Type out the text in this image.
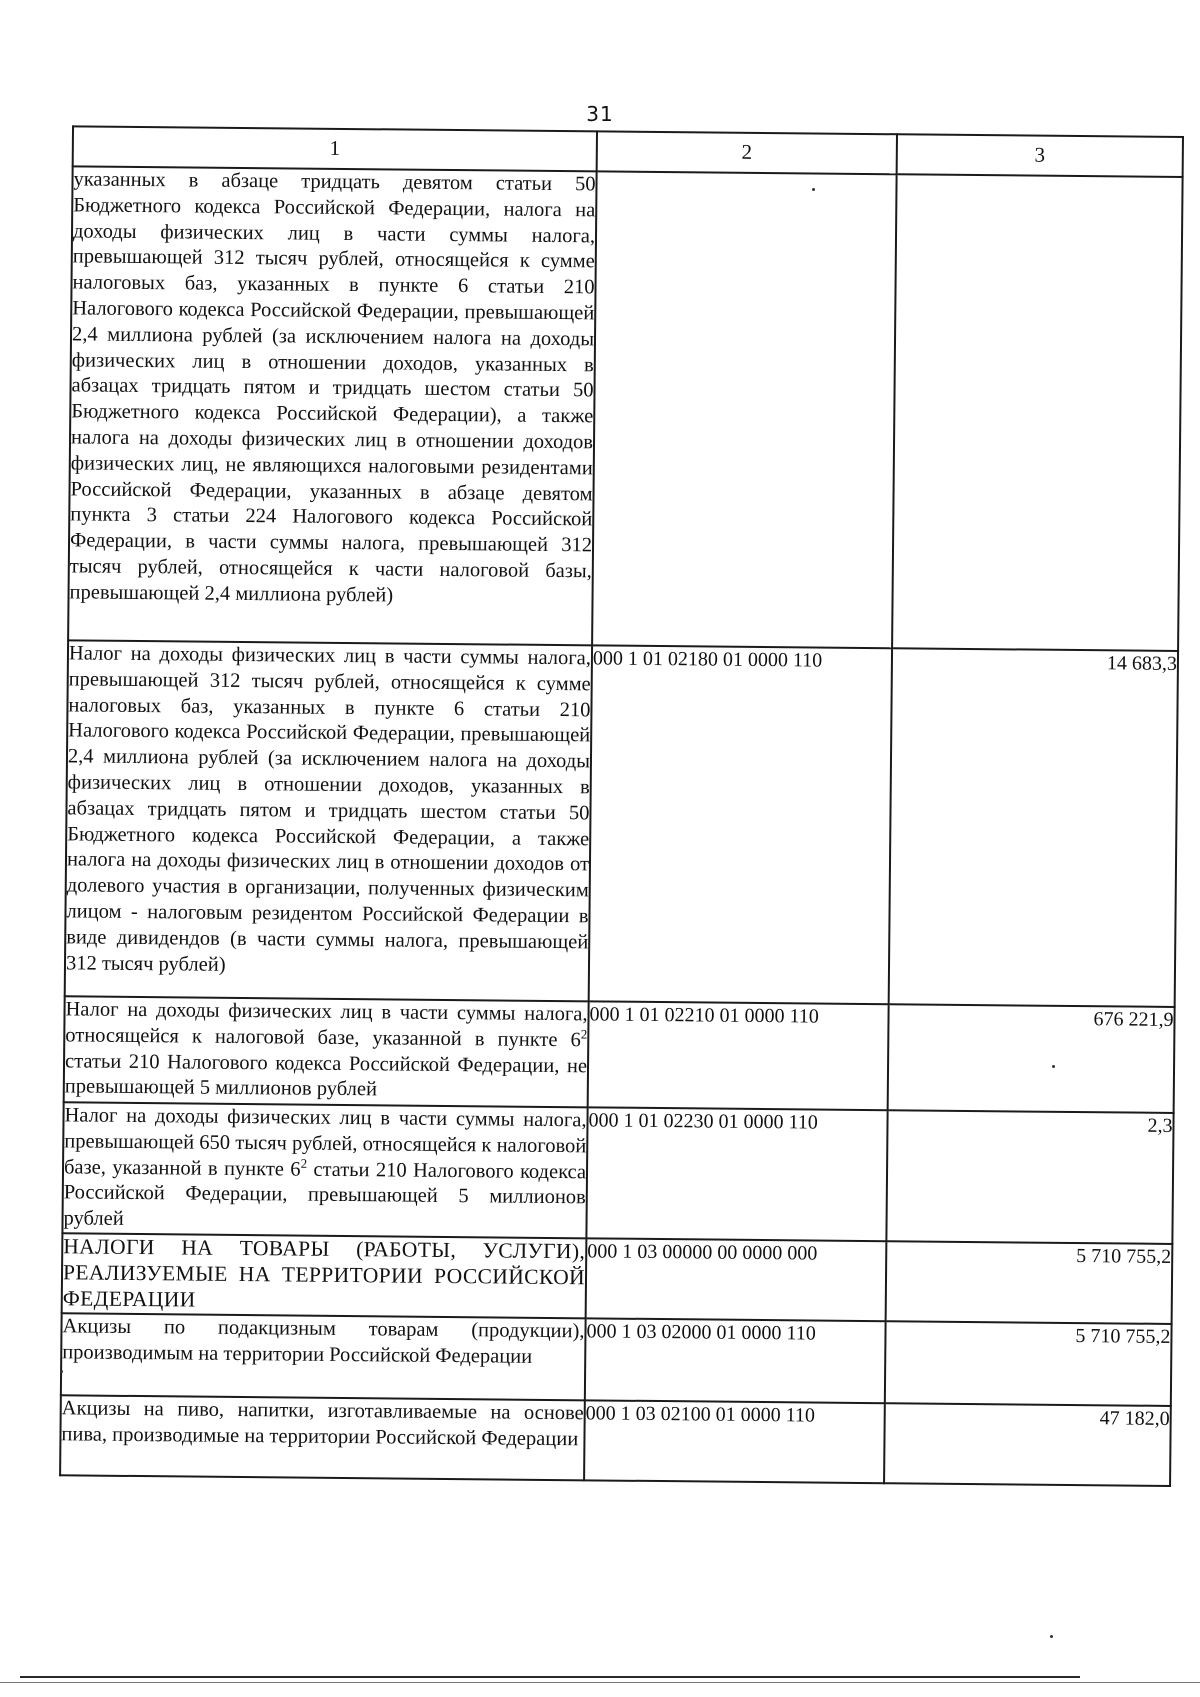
31
1	2	3
указанных в абзаце тридцать девятом статьи 50 Бюджетного кодекса Российской Федерации, налога на доходы физических лиц в части суммы налога, превышающей 312 тысяч рублей, относящейся к сумме налоговых баз, указанных в пункте 6 статьи 210 Налогового кодекса Российской Федерации, превышающей 2,4 миллиона рублей (за исключением налога на доходы физических лиц в отношении доходов, указанных в абзацах тридцать пятом и тридцать шестом статьи 50 Бюджетного кодекса Российской Федерации), а также налога на доходы физических лиц в отношении доходов физических лиц, не являющихся налоговыми резидентами Российской Федерации, указанных в абзаце девятом пункта 3 статьи 224 Налогового кодекса Российской Федерации, в части суммы налога, превышающей 312 тысяч рублей, относящейся к части налоговой базы, превышающей 2,4 миллиона рублей)		
Налог на доходы физических лиц в части суммы налога, превышающей 312 тысяч рублей, относящейся к сумме налоговых баз, указанных в пункте 6 статьи 210 Налогового кодекса Российской Федерации, превышающей 2,4 миллиона рублей (за исключением налога на доходы физических лиц в отношении доходов, указанных в абзацах тридцать пятом и тридцать шестом статьи 50 Бюджетного кодекса Российской Федерации, а также налога на доходы физических лиц в отношении доходов от долевого участия в организации, полученных физическим лицом - налоговым резидентом Российской Федерации в виде дивидендов (в части суммы налога, превышающей 312 тысяч рублей)	000 1 01 02180 01 0000 110	14 683,3
Налог на доходы физических лиц в части суммы налога, относящейся к налоговой базе, указанной в пункте $6^2$ статьи 210 Налогового кодекса Российской Федерации, не превышающей 5 миллионов рублей	000 1 01 02210 01 0000 110	676 221,9
Налог на доходы физических лиц в части суммы налога, превышающей 650 тысяч рублей, относящейся к налоговой базе, указанной в пункте $6^2$ статьи 210 Налогового кодекса Российской Федерации, превышающей 5 миллионов рублей	000 1 01 02230 01 0000 110	2,3
НАЛОГИ НА ТОВАРЫ (РАБОТЫ, УСЛУГИ), РЕАЛИЗУЕМЫЕ НА ТЕРРИТОРИИ РОССИЙСКОЙ ФЕДЕРАЦИИ	000 1 03 00000 00 0000 000	5 710 755,2
Акцизы по подакцизным товарам (продукции), производимым на территории Российской Федерации	000 1 03 02000 01 0000 110	5 710 755,2
Акцизы на пиво, напитки, изготавливаемые на основе пива, производимые на территории Российской Федерации	000 1 03 02100 01 0000 110	47 182,0
